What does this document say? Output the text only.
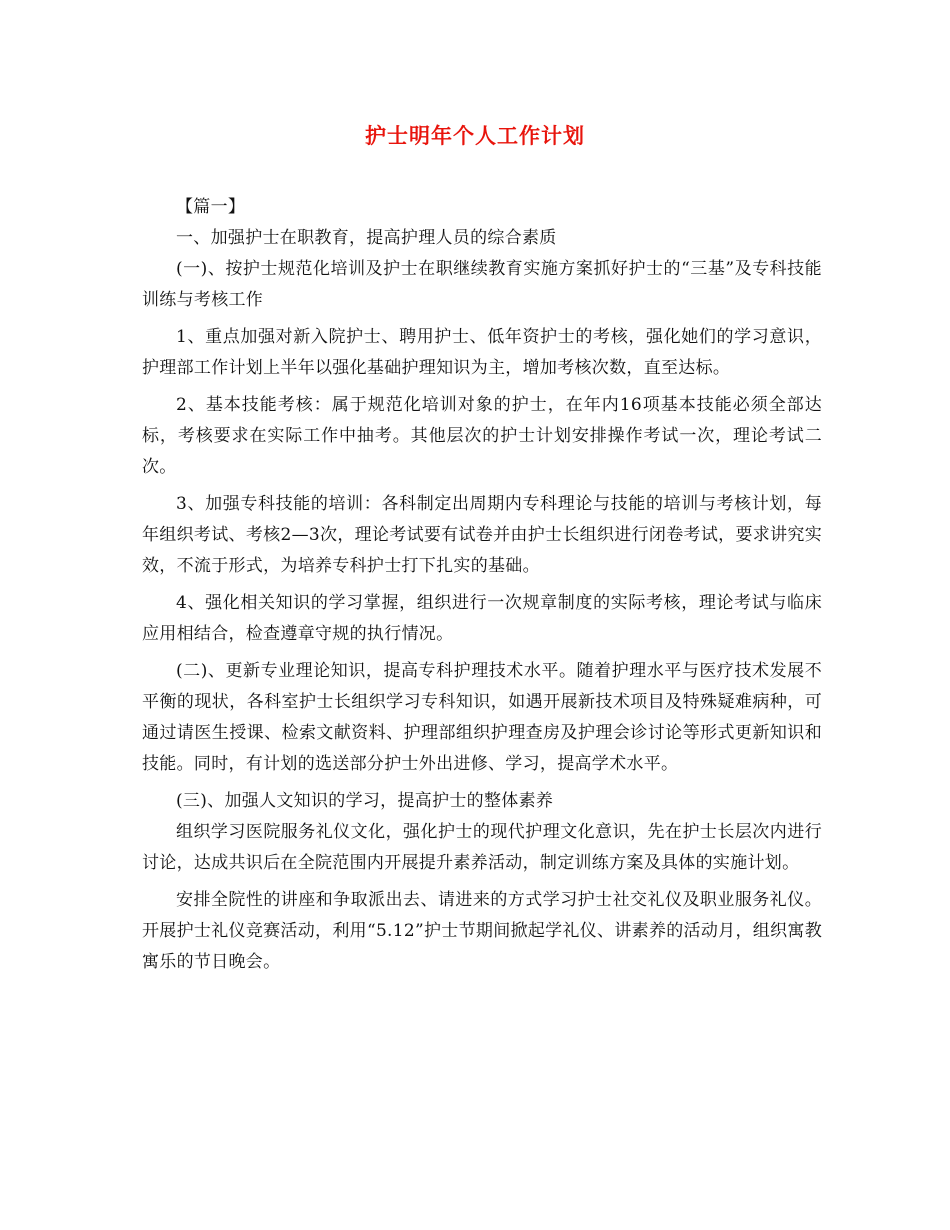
护士明年个人工作计划

【篇一】

一、加强护士在职教育，提高护理人员的综合素质

(一)、按护士规范化培训及护士在职继续教育实施方案抓好护士的“三基”及专科技能训练与考核工作

1、重点加强对新入院护士、聘用护士、低年资护士的考核，强化她们的学习意识，护理部工作计划上半年以强化基础护理知识为主，增加考核次数，直至达标。

2、基本技能考核：属于规范化培训对象的护士，在年内16项基本技能必须全部达标，考核要求在实际工作中抽考。其他层次的护士计划安排操作考试一次，理论考试二次。

3、加强专科技能的培训：各科制定出周期内专科理论与技能的培训与考核计划，每年组织考试、考核2—3次，理论考试要有试卷并由护士长组织进行闭卷考试，要求讲究实效，不流于形式，为培养专科护士打下扎实的基础。

4、强化相关知识的学习掌握，组织进行一次规章制度的实际考核，理论考试与临床应用相结合，检查遵章守规的执行情况。

(二)、更新专业理论知识，提高专科护理技术水平。随着护理水平与医疗技术发展不平衡的现状，各科室护士长组织学习专科知识，如遇开展新技术项目及特殊疑难病种，可通过请医生授课、检索文献资料、护理部组织护理查房及护理会诊讨论等形式更新知识和技能。同时，有计划的选送部分护士外出进修、学习，提高学术水平。

(三)、加强人文知识的学习，提高护士的整体素养

组织学习医院服务礼仪文化，强化护士的现代护理文化意识，先在护士长层次内进行讨论，达成共识后在全院范围内开展提升素养活动，制定训练方案及具体的实施计划。

安排全院性的讲座和争取派出去、请进来的方式学习护士社交礼仪及职业服务礼仪。开展护士礼仪竞赛活动，利用“5.12”护士节期间掀起学礼仪、讲素养的活动月，组织寓教寓乐的节日晚会。
